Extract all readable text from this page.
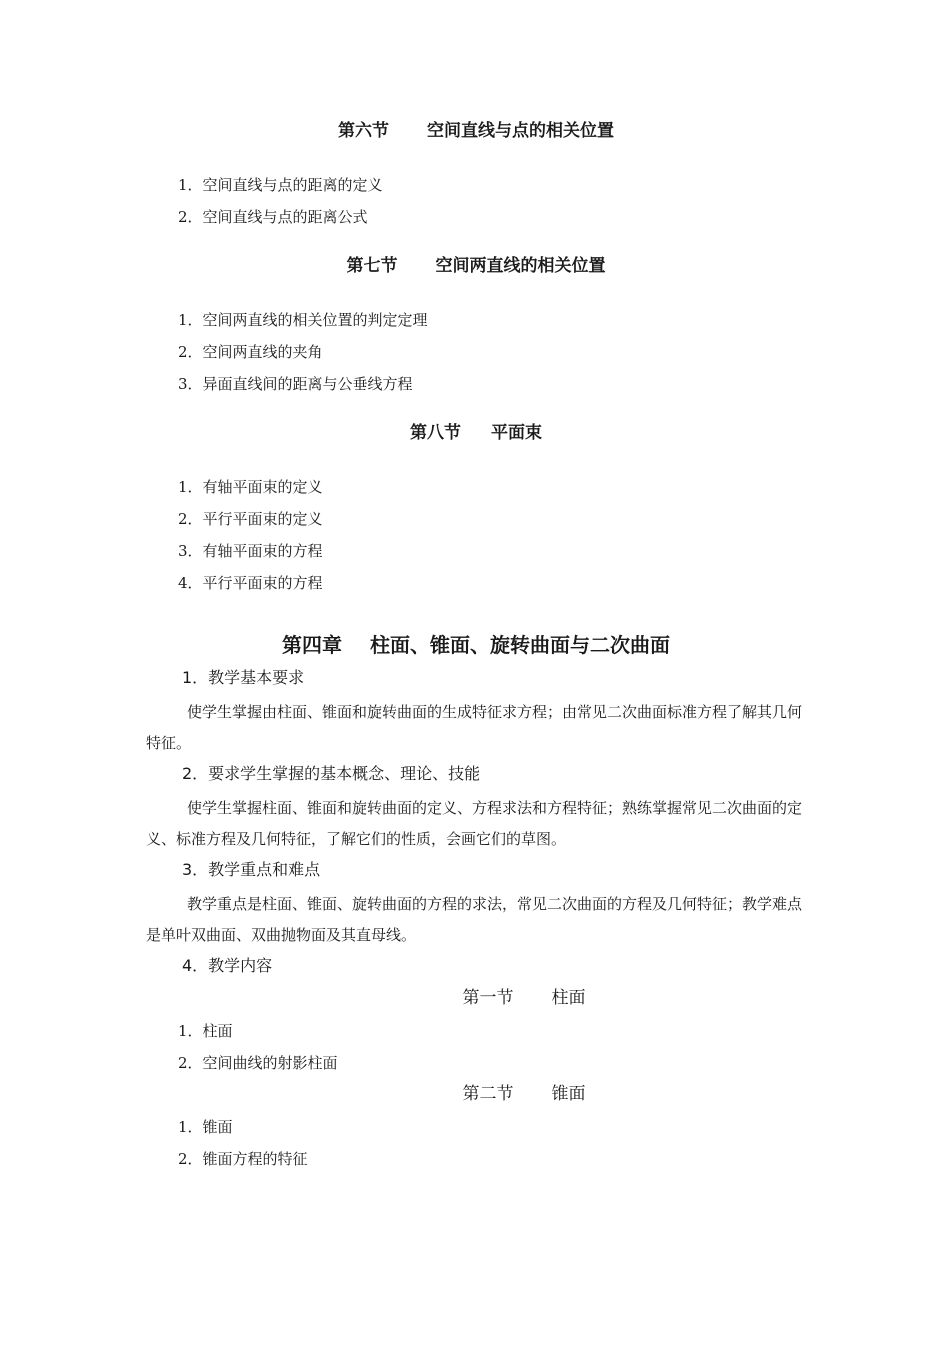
第六节 空间直线与点的相关位置
1．空间直线与点的距离的定义
2．空间直线与点的距离公式
第七节 空间两直线的相关位置
1．空间两直线的相关位置的判定定理
2．空间两直线的夹角
3．异面直线间的距离与公垂线方程
第八节 平面束
1．有轴平面束的定义
2．平行平面束的定义
3．有轴平面束的方程
4．平行平面束的方程
第四章 柱面、锥面、旋转曲面与二次曲面
1．教学基本要求

使学生掌握由柱面、锥面和旋转曲面的生成特征求方程；由常见二次曲面标准方程了解其几何特征。

2．要求学生掌握的基本概念、理论、技能

使学生掌握柱面、锥面和旋转曲面的定义、方程求法和方程特征；熟练掌握常见二次曲面的定义、标准方程及几何特征，了解它们的性质，会画它们的草图。

3．教学重点和难点

教学重点是柱面、锥面、旋转曲面的方程的求法，常见二次曲面的方程及几何特征；教学难点是单叶双曲面、双曲抛物面及其直母线。

4．教学内容
第一节 柱面
1．柱面
2．空间曲线的射影柱面
第二节 锥面
1．锥面
2．锥面方程的特征
